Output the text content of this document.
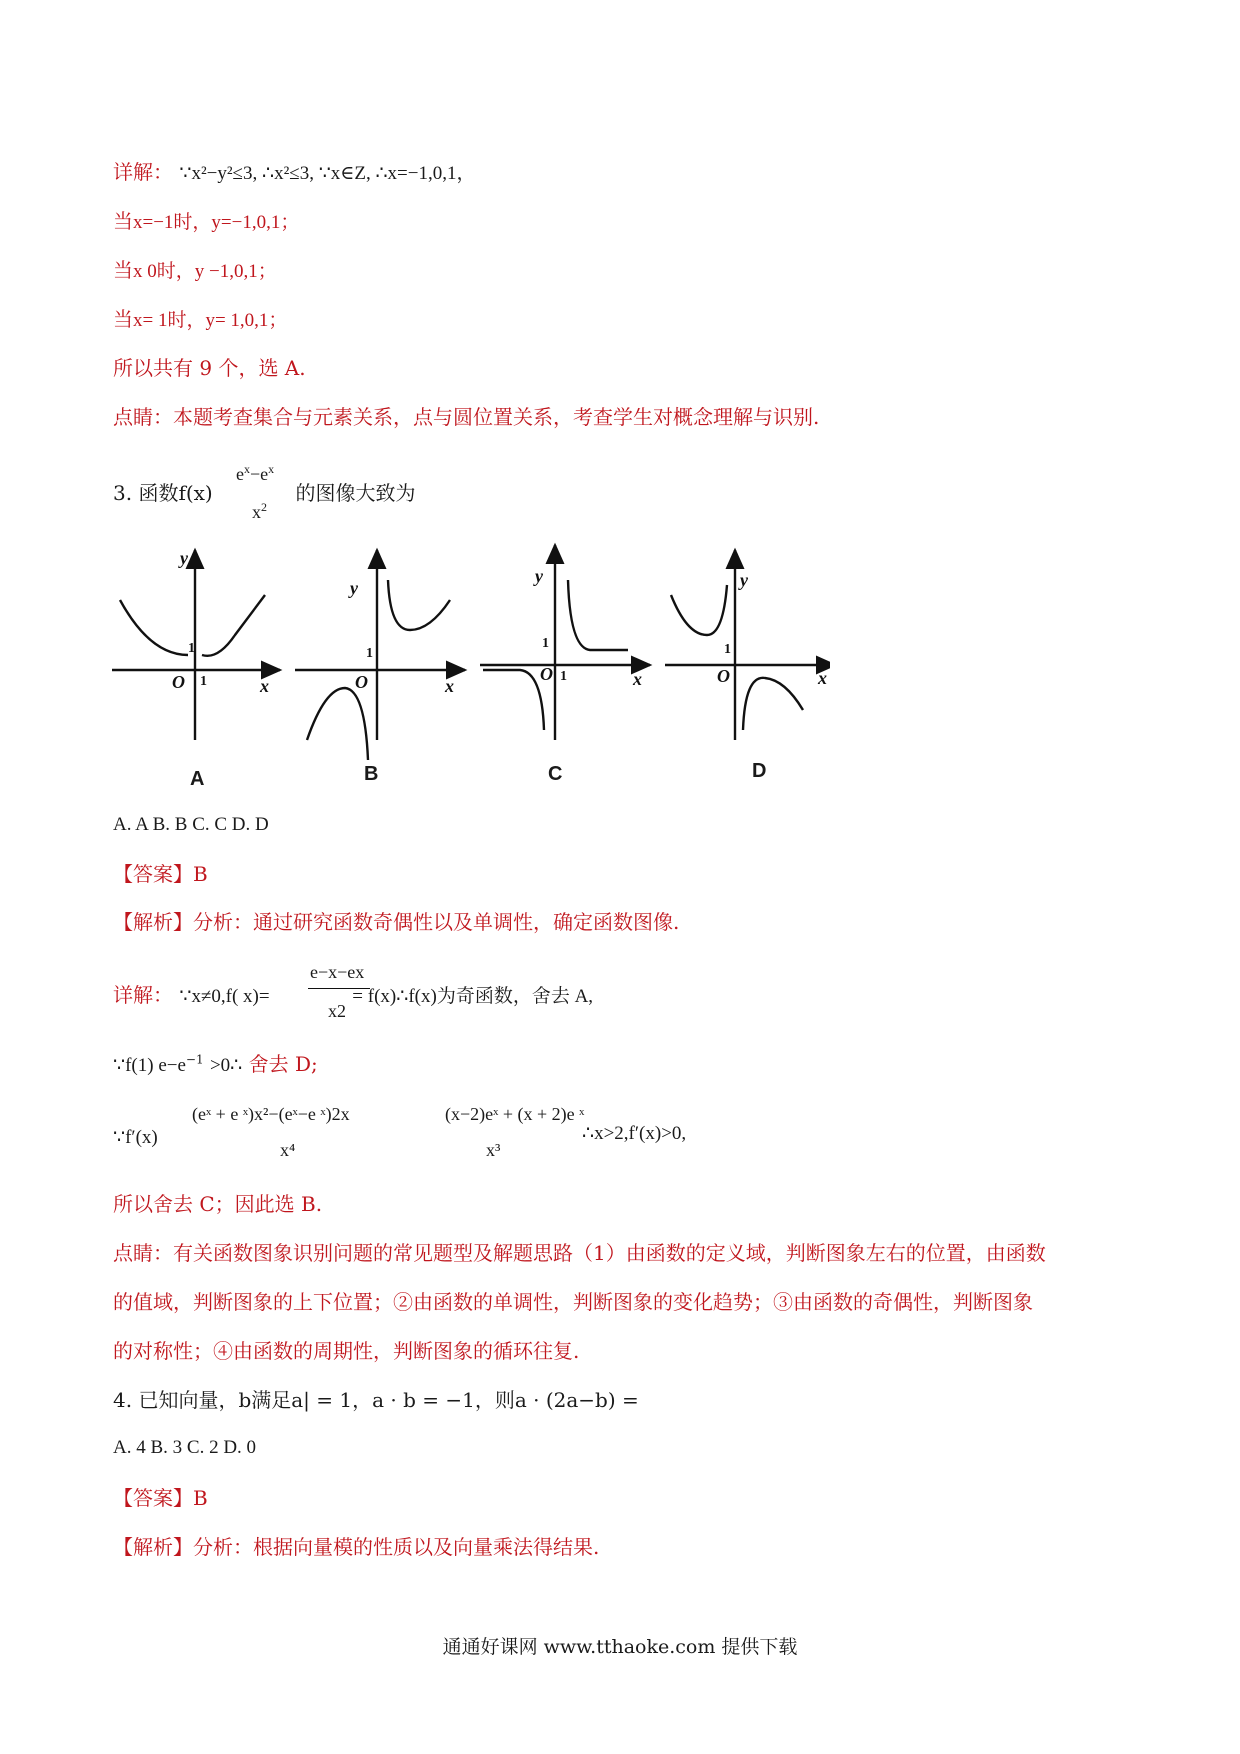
详解： ∵x²−y²≤3, ∴x²≤3, ∵x∈Z, ∴x=−1,0,1，
当x=−1时，y=−1,0,1；
当x 0时，y −1,0,1；
当x= 1时，y= 1,0,1；
所以共有 9 个，选 A.
点睛：本题考查集合与元素关系，点与圆位置关系，考查学生对概念理解与识别.
3. 函数f(x)	的图像大致为
$e^x-e^x$
$x^2$
y
x
O
1
1
y
x
O
1
y
x
O
1
1
y
x
O
1
A	B	C	D
A. A B. B C. C D. D
【答案】B
【解析】分析：通过研究函数奇偶性以及单调性，确定函数图像.
详解： ∵x≠0,f( x)=	= f(x)∴f(x)为奇函数，舍去 A,
e−x−ex
x2
∵f(1) $e-e^{-1}$ >0∴ 舍去 D;
∵f′(x)
(eˣ + e ˣ)x²−(eˣ−e ˣ)2x
x⁴
(x−2)eˣ + (x + 2)e ˣ
x³
∴x>2,f′(x)>0,
所以舍去 C；因此选 B.
点睛：有关函数图象识别问题的常见题型及解题思路（1）由函数的定义域，判断图象左右的位置，由函数
的值域，判断图象的上下位置；②由函数的单调性，判断图象的变化趋势；③由函数的奇偶性，判断图象
的对称性；④由函数的周期性，判断图象的循环往复.
4. 已知向量，b满足a| = 1，a · b = −1，则a · (2a−b) =
A. 4 B. 3 C. 2 D. 0
【答案】B
【解析】分析：根据向量模的性质以及向量乘法得结果.
通通好课网 www.tthaoke.com 提供下载
